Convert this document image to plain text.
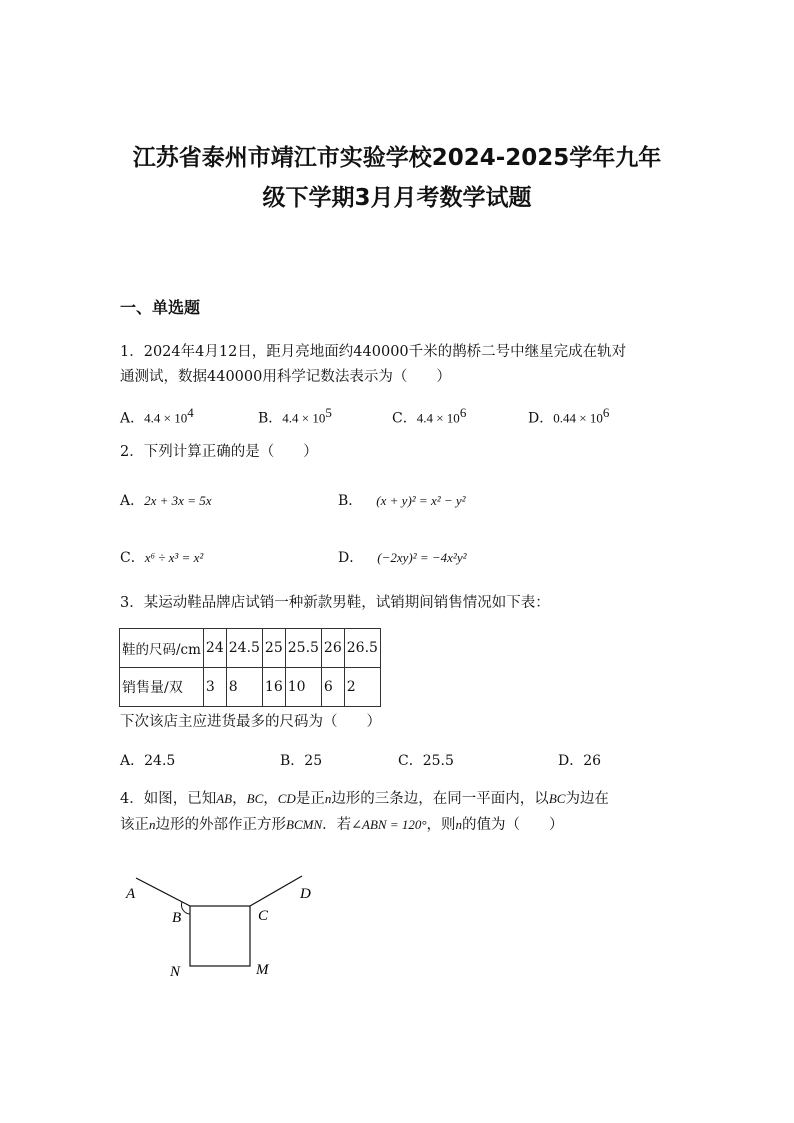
江苏省泰州市靖江市实验学校2024-2025学年九年
级下学期3月月考数学试题
一、单选题
1．2024年4月12日，距月亮地面约440000千米的鹊桥二号中继星完成在轨对
通测试，数据440000用科学记数法表示为（　　）
A．$4.4 \times 10^4$	B．$4.4 \times 10^5$	C．$4.4 \times 10^6$	D．$0.44 \times 10^6$
2．下列计算正确的是（　　）
A．2x + 3x = 5x	B． (x + y)² = x² − y²
C．x⁶ ÷ x³ = x²	D． (−2xy)² = −4x²y²
3．某运动鞋品牌店试销一种新款男鞋，试销期间销售情况如下表：
鞋的尺码/cm	24	24.5	25	25.5	26	26.5
销售量/双	3	8	16	10	6	2
下次该店主应进货最多的尺码为（　　）
A．24.5	B．25	C．25.5	D．26
4．如图，已知AB，BC，CD是正n边形的三条边，在同一平面内，以BC为边在
该正n边形的外部作正方形BCMN．若∠ABN = 120°，则n的值为（　　）
A
B	C
D
N	M
